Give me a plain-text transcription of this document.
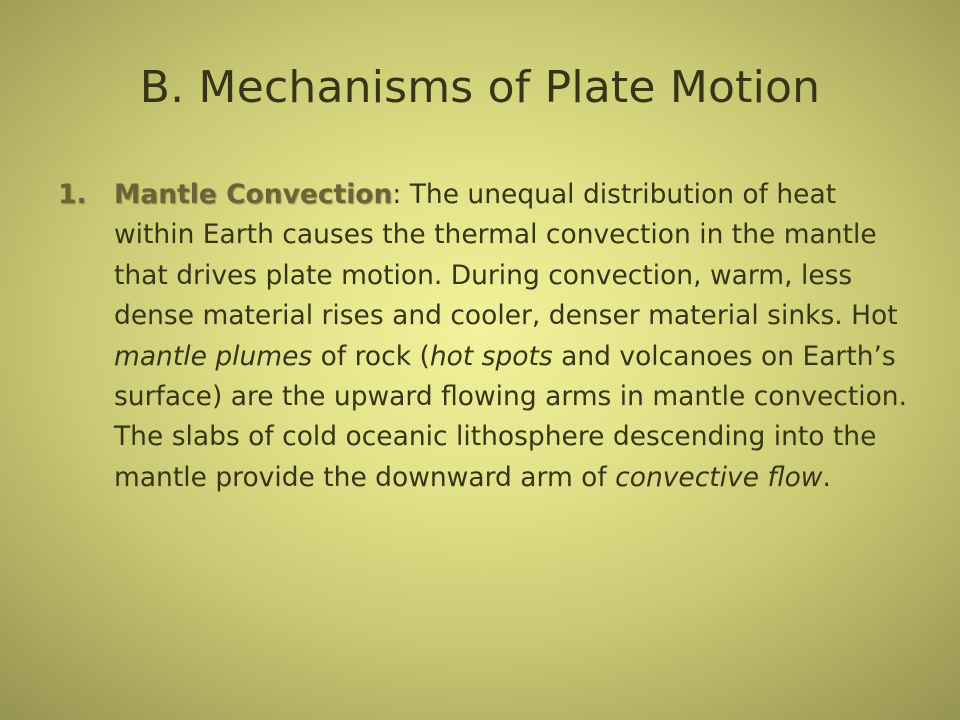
B. Mechanisms of Plate Motion
1.	Mantle Convection: The unequal distribution of heat within Earth causes the thermal convection in the mantle that drives plate motion. During convection, warm, less dense material rises and cooler, denser material sinks. Hot mantle plumes of rock (hot spots and volcanoes on Earth’s surface) are the upward flowing arms in mantle convection. The slabs of cold oceanic lithosphere descending into the mantle provide the downward arm of convective flow.
